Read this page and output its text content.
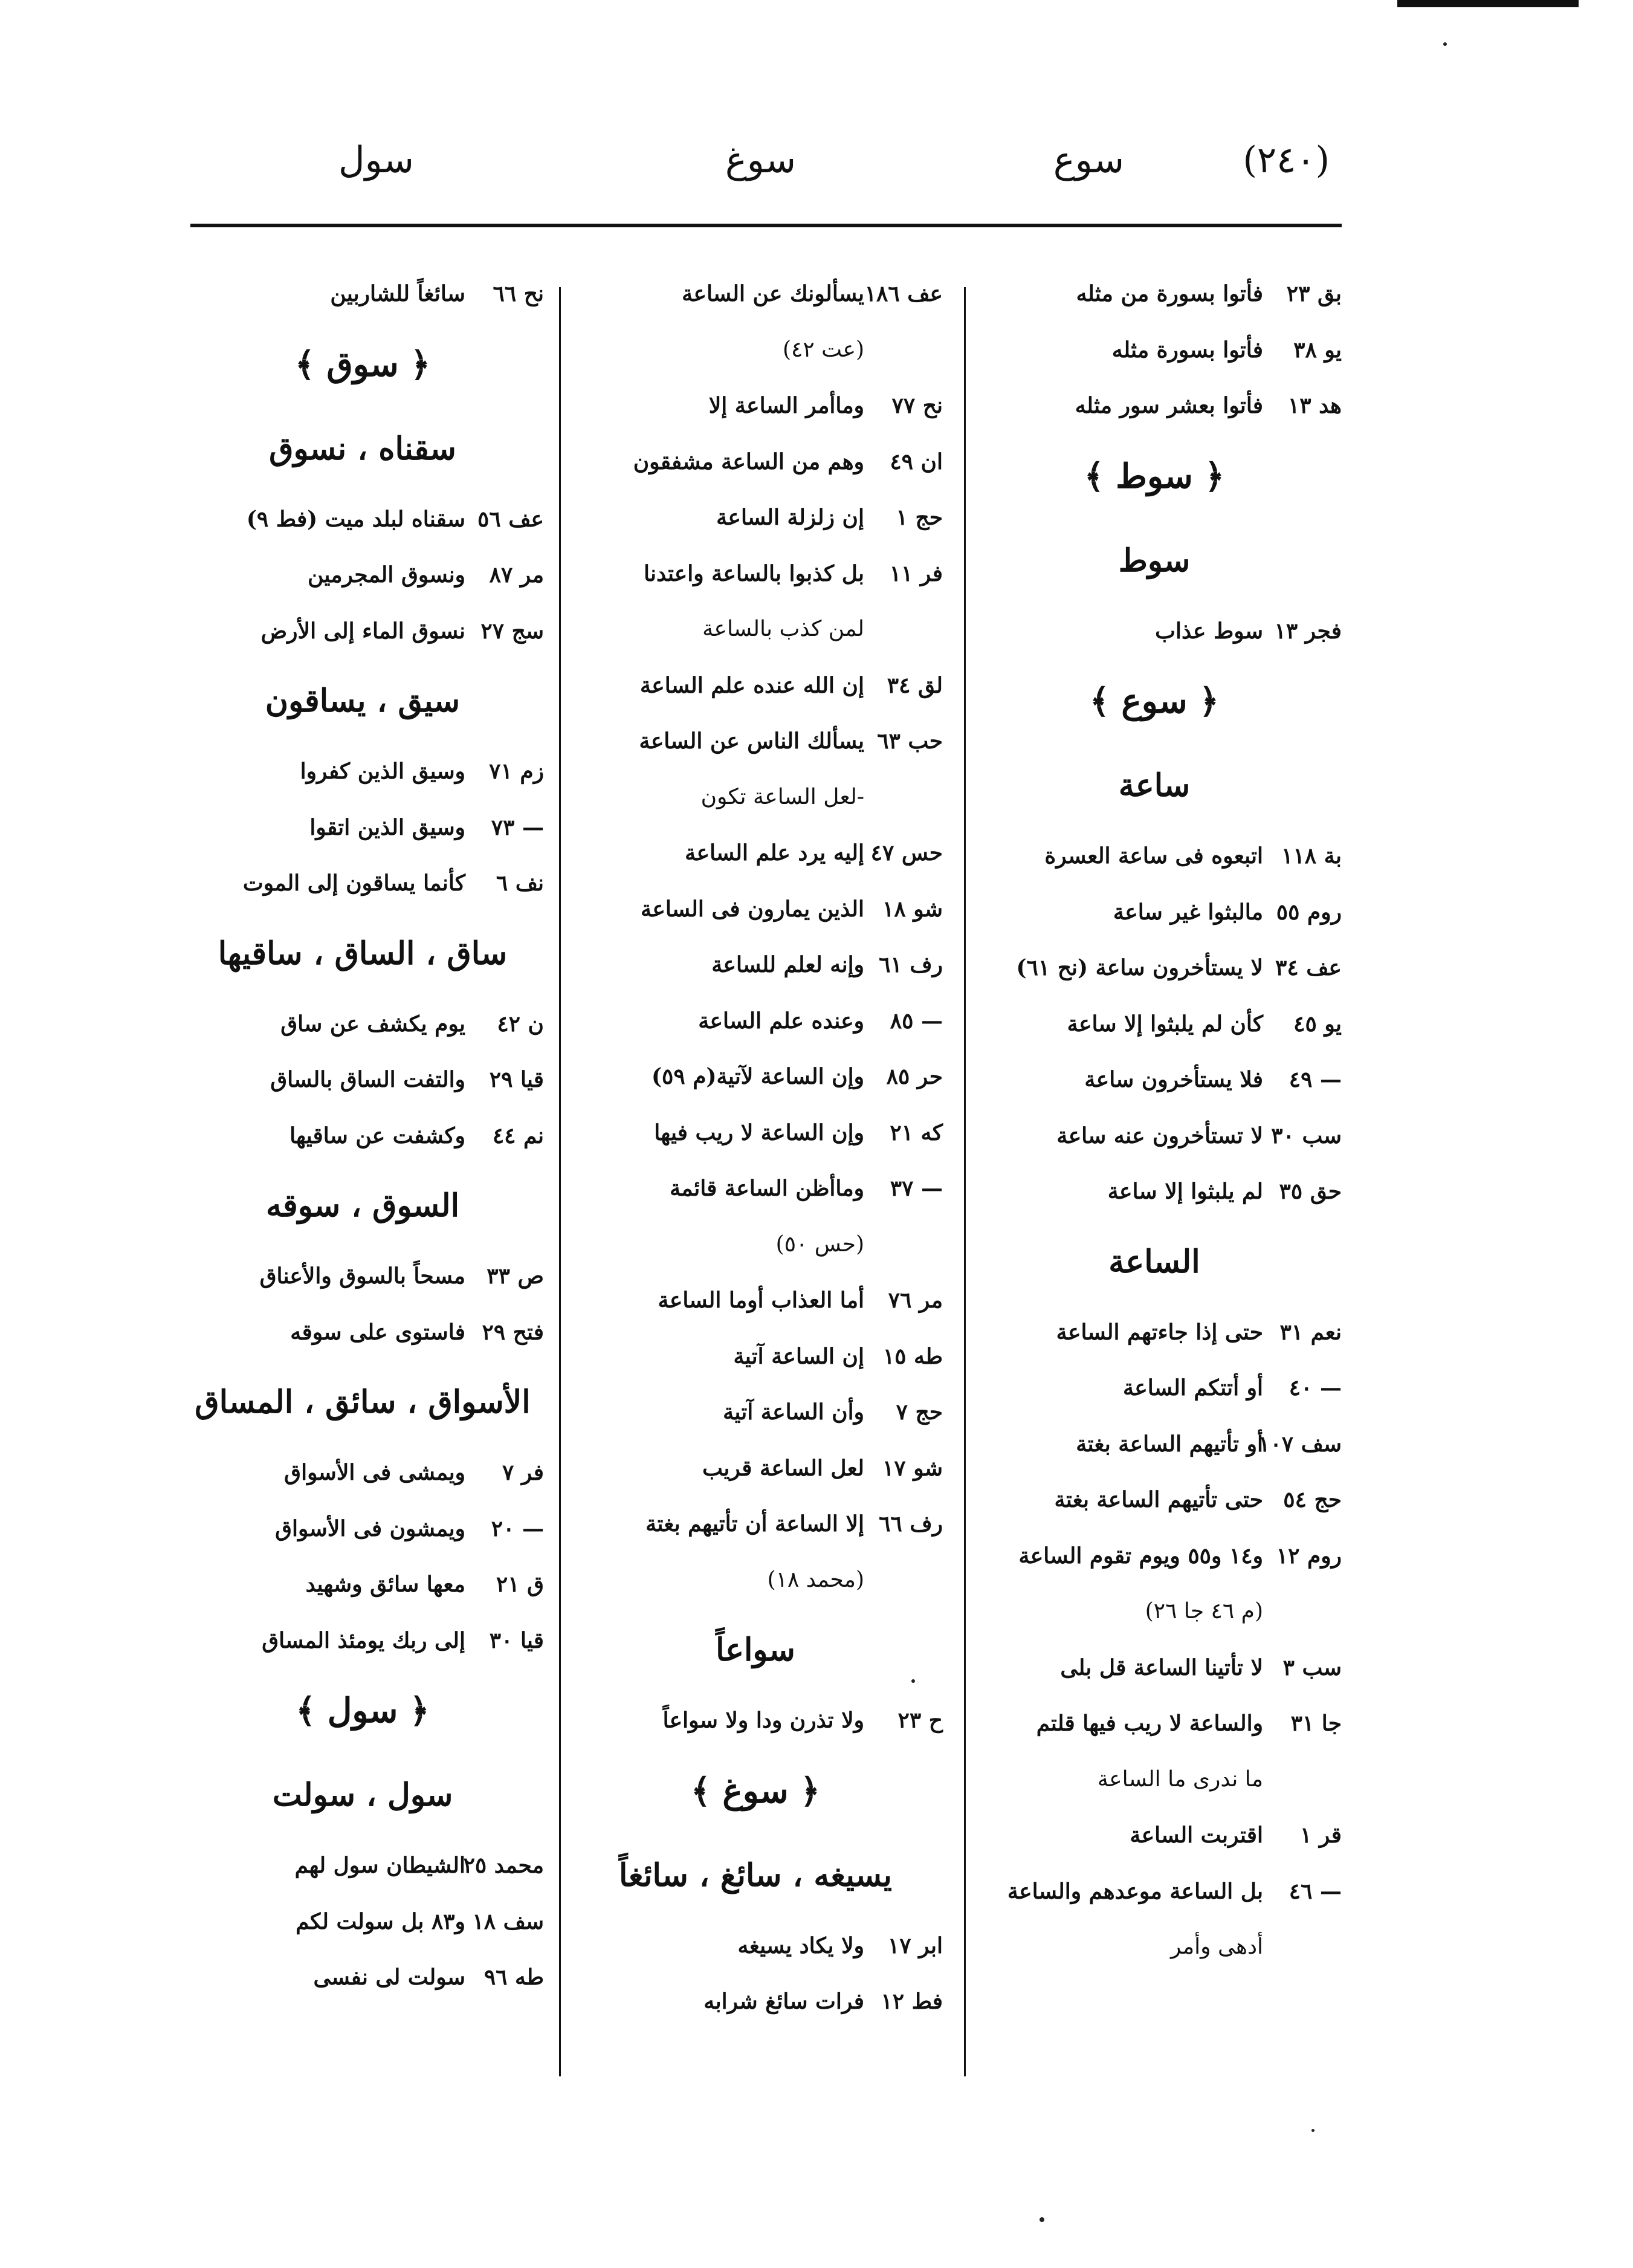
(٢٤٠)
سوع
سوغ
سول
بق ٢٣فأتوا بسورة من مثله
يو ٣٨فأتوا بسورة مثله
هد ١٣فأتوا بعشر سور مثله
﴿ سوط ﴾
سوط
فجر ١٣سوط عذاب
﴿ سوع ﴾
ساعة
بة ١١٨اتبعوه فى ساعة العسرة
روم ٥٥مالبثوا غير ساعة
عف ٣٤لا يستأخرون ساعة (نح ٦١)
يو ٤٥كأن لم يلبثوا إلا ساعة
— ٤٩فلا يستأخرون ساعة
سب ٣٠لا تستأخرون عنه ساعة
حق ٣٥لم يلبثوا إلا ساعة
الساعة
نعم ٣١حتى إذا جاءتهم الساعة
— ٤٠أو أتتكم الساعة
سف ١٠٧أو تأتيهم الساعة بغتة
حج ٥٤حتى تأتيهم الساعة بغتة
روم ١٢و١٤ و٥٥ ويوم تقوم الساعة
(م ٤٦ جا ٢٦)
سب ٣لا تأتينا الساعة قل بلى
جا ٣١والساعة لا ريب فيها قلتم
ما ندرى ما الساعة
قر ١اقتربت الساعة
— ٤٦بل الساعة موعدهم والساعة
أدهى وأمر
عف ١٨٦يسألونك عن الساعة
(عت ٤٢)
نح ٧٧وماأمر الساعة إلا
ان ٤٩وهم من الساعة مشفقون
حج ١إن زلزلة الساعة
فر ١١بل كذبوا بالساعة واعتدنا
لمن كذب بالساعة
لق ٣٤إن الله عنده علم الساعة
حب ٦٣يسألك الناس عن الساعة
-لعل الساعة تكون
حس ٤٧إليه يرد علم الساعة
شو ١٨الذين يمارون فى الساعة
رف ٦١وإنه لعلم للساعة
— ٨٥وعنده علم الساعة
حر ٨٥وإن الساعة لآتية(م ٥٩)
كه ٢١وإن الساعة لا ريب فيها
— ٣٧وماأظن الساعة قائمة
(حس ٥٠)
مر ٧٦أما العذاب أوما الساعة
طه ١٥إن الساعة آتية
حج ٧وأن الساعة آتية
شو ١٧لعل الساعة قريب
رف ٦٦إلا الساعة أن تأتيهم بغتة
(محمد ١٨)
سواعاً
ح ٢٣ولا تذرن ودا ولا سواعاً
﴿ سوغ ﴾
يسيغه ، سائغ ، سائغاً
ابر ١٧ولا يكاد يسيغه
فط ١٢فرات سائغ شرابه
نح ٦٦سائغاً للشاربين
﴿ سوق ﴾
سقناه ، نسوق
عف ٥٦سقناه لبلد ميت (فط ٩)
مر ٨٧ونسوق المجرمين
سج ٢٧نسوق الماء إلى الأرض
سيق ، يساقون
زم ٧١وسيق الذين كفروا
— ٧٣وسيق الذين اتقوا
نف ٦كأنما يساقون إلى الموت
ساق ، الساق ، ساقيها
ن ٤٢يوم يكشف عن ساق
قيا ٢٩والتفت الساق بالساق
نم ٤٤وكشفت عن ساقيها
السوق ، سوقه
ص ٣٣مسحاً بالسوق والأعناق
فتح ٢٩فاستوى على سوقه
الأسواق ، سائق ، المساق
فر ٧ويمشى فى الأسواق
— ٢٠ويمشون فى الأسواق
ق ٢١معها سائق وشهيد
قيا ٣٠إلى ربك يومئذ المساق
﴿ سول ﴾
سول ، سولت
محمد ٢٥الشيطان سول لهم
سف ١٨و٨٣ بل سولت لكم
طه ٩٦سولت لى نفسى
